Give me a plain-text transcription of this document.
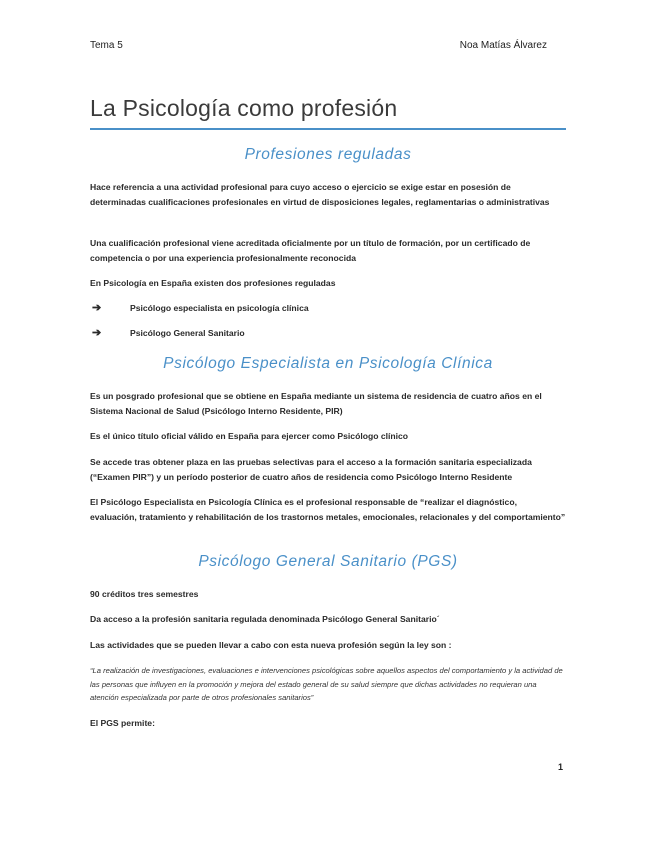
Tema 5	Noa Matías Álvarez
La Psicología como profesión
Profesiones reguladas
Hace referencia a una actividad profesional para cuyo acceso o ejercicio se exige estar en posesión de determinadas cualificaciones profesionales en virtud de disposiciones legales, reglamentarias o administrativas
Una cualificación profesional viene acreditada oficialmente por un título de formación, por un certificado de competencia o por una experiencia profesionalmente reconocida
En Psicología en España existen dos profesiones reguladas
➔	Psicólogo especialista en psicología clínica
➔	Psicólogo General Sanitario
Psicólogo Especialista en Psicología Clínica
Es un posgrado profesional que se obtiene en España mediante un sistema de residencia de cuatro años en el Sistema Nacional de Salud (Psicólogo Interno Residente, PIR)
Es el único título oficial válido en España para ejercer como Psicólogo clínico
Se accede tras obtener plaza en las pruebas selectivas para el acceso a la formación sanitaria especializada (“Examen PIR”) y un período posterior de cuatro años de residencia como Psicólogo Interno Residente
El Psicólogo Especialista en Psicología Clínica es el profesional responsable de “realizar el diagnóstico, evaluación, tratamiento y rehabilitación de los trastornos metales, emocionales, relacionales y del comportamiento”
Psicólogo General Sanitario (PGS)
90 créditos tres semestres
Da acceso a la profesión sanitaria regulada denominada Psicólogo General Sanitario´
Las actividades que se pueden llevar a cabo con esta nueva profesión según la ley son :
“La realización de investigaciones, evaluaciones e intervenciones psicológicas sobre aquellos aspectos del comportamiento y la actividad de las personas que influyen en la promoción y mejora del estado general de su salud siempre que dichas actividades no requieran una atención especializada por parte de otros profesionales sanitarios”
El PGS permite:
1
